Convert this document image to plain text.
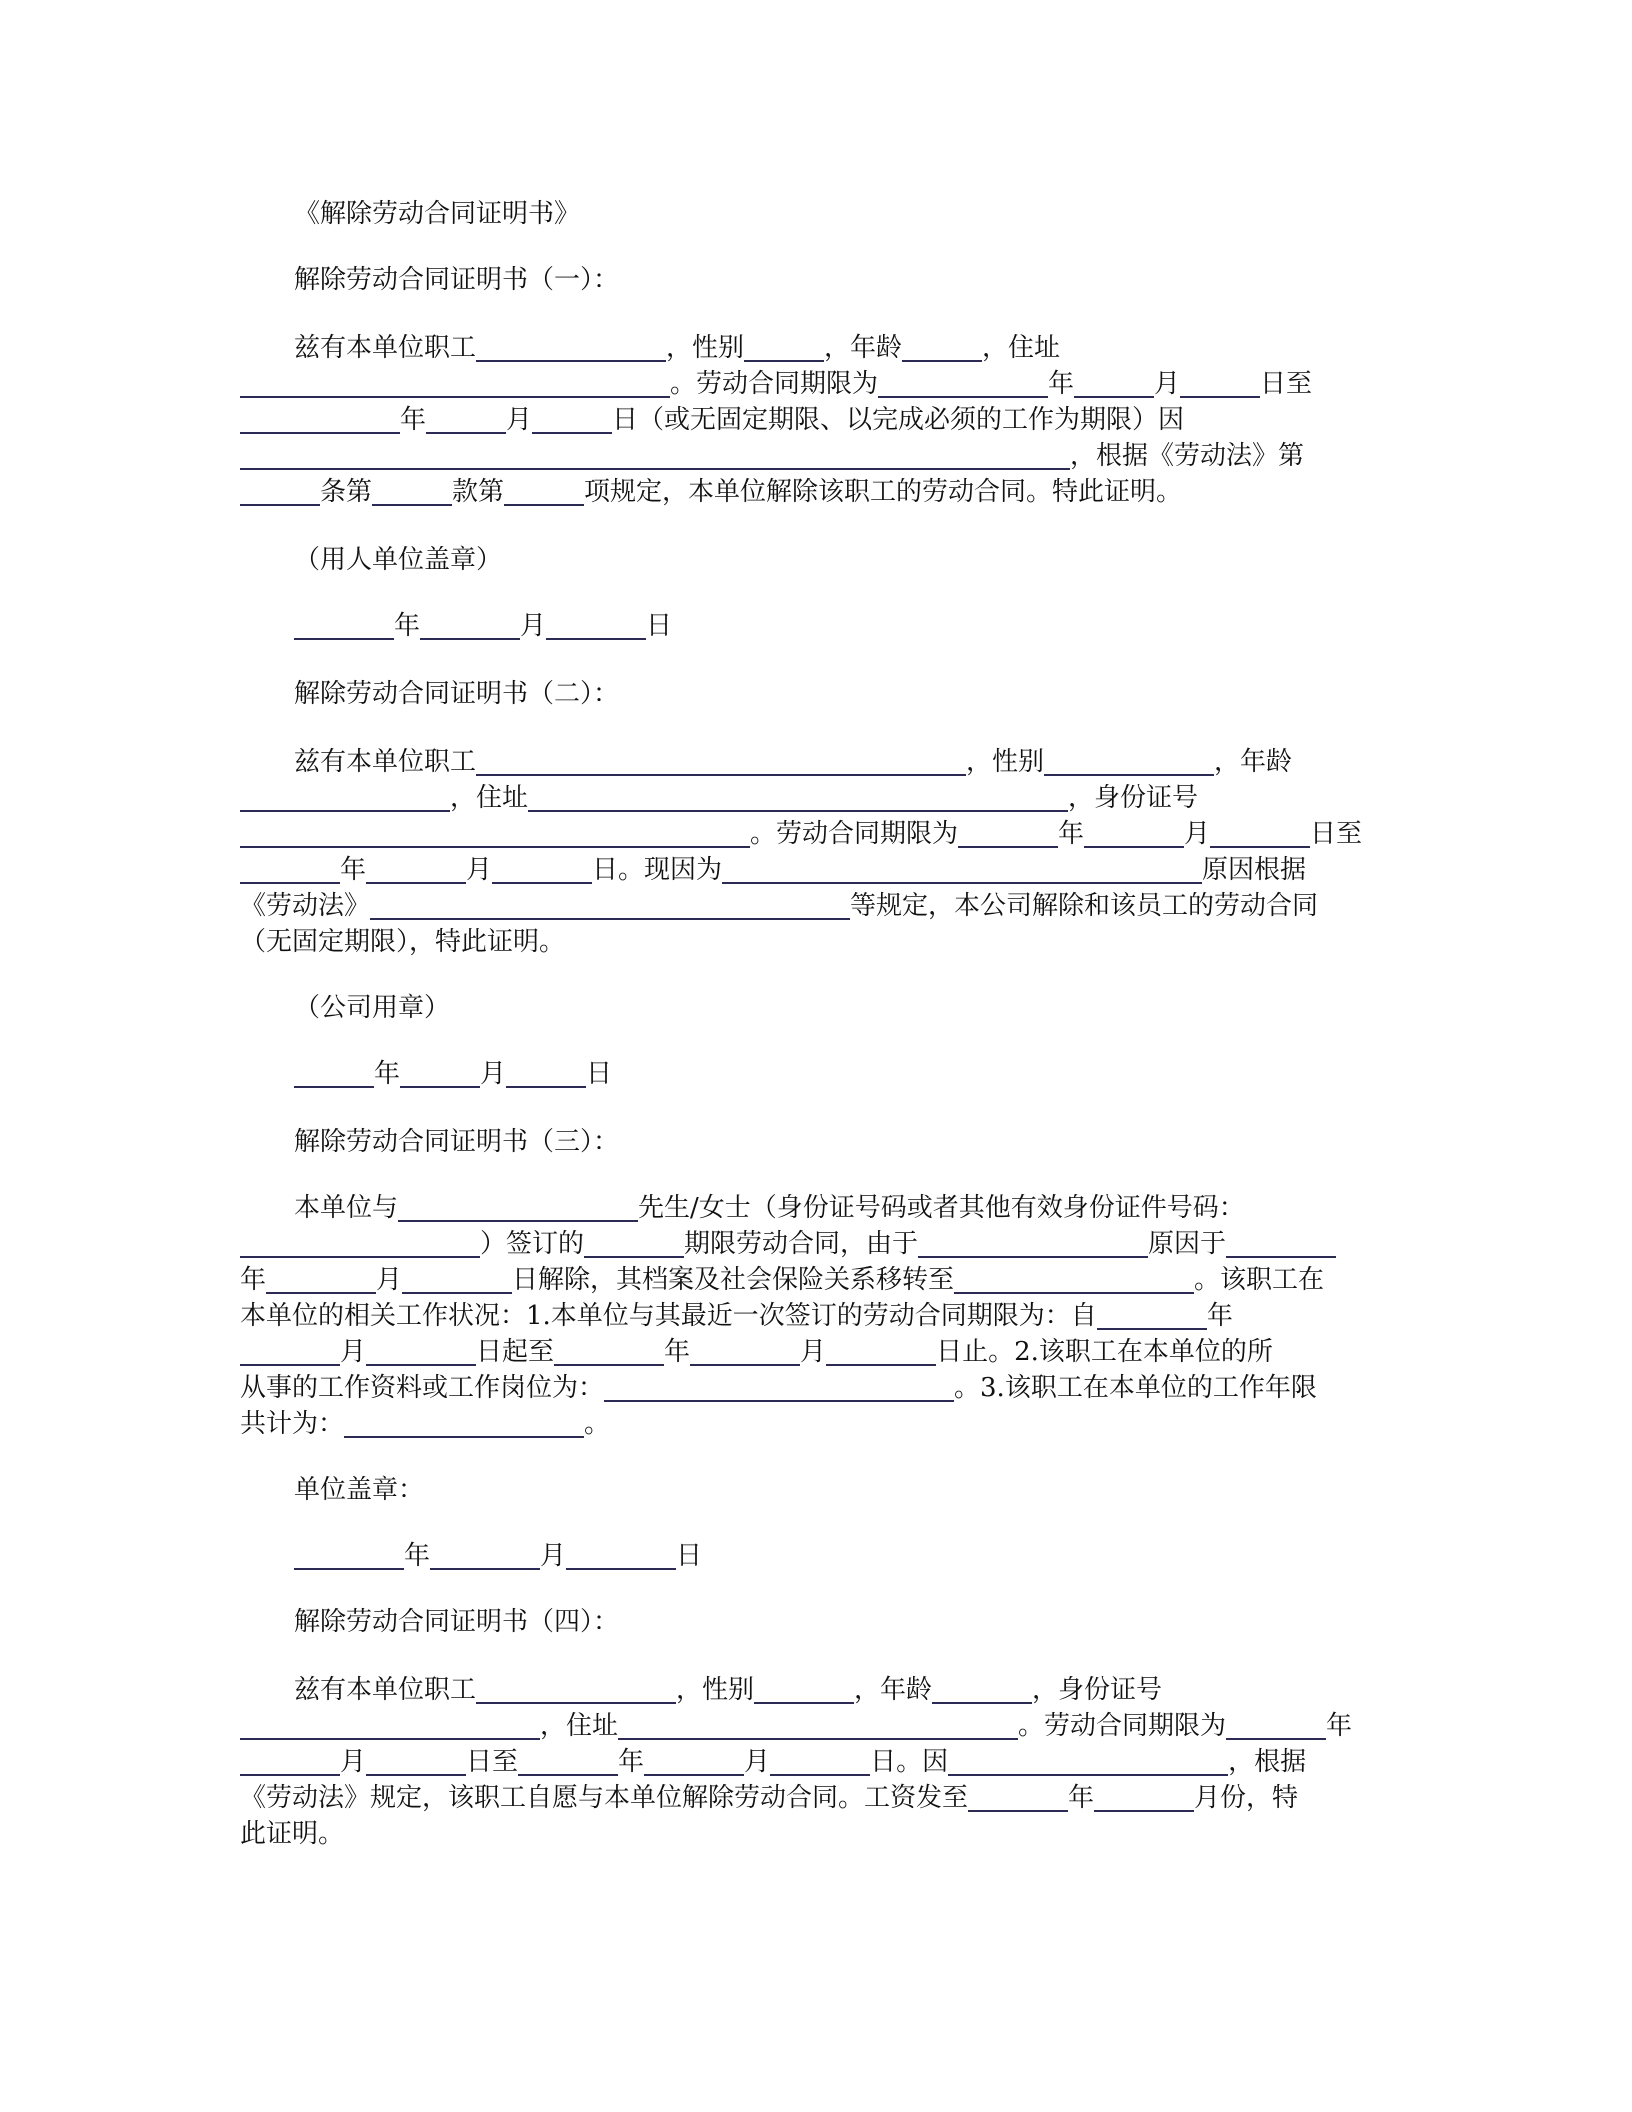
《解除劳动合同证明书》
解除劳动合同证明书（一）：
兹有本单位职工	，性别	，年龄	，住址
。劳动合同期限为	年	月	日至
年	月	日（或无固定期限、以完成必须的工作为期限）因
，根据《劳动法》第
条第	款第	项规定，本单位解除该职工的劳动合同。特此证明。
（用人单位盖章）
年	月	日
解除劳动合同证明书（二）：
兹有本单位职工	，性别	，年龄
，住址	，身份证号
。劳动合同期限为	年	月	日至
年	月	日。现因为	原因根据
《劳动法》	等规定，本公司解除和该员工的劳动合同
（无固定期限），特此证明。
（公司用章）
年	月	日
解除劳动合同证明书（三）：
本单位与	先生/女士（身份证号码或者其他有效身份证件号码：
）签订的	期限劳动合同，由于	原因于
年	月	日解除，其档案及社会保险关系移转至	。该职工在
本单位的相关工作状况：1.本单位与其最近一次签订的劳动合同期限为：自	年
月	日起至	年	月	日止。2.该职工在本单位的所
从事的工作资料或工作岗位为：	。3.该职工在本单位的工作年限
共计为：	。
单位盖章：
年	月	日
解除劳动合同证明书（四）：
兹有本单位职工	，性别	，年龄	，身份证号
，住址	。劳动合同期限为	年
月	日至	年	月	日。因	，根据
《劳动法》规定，该职工自愿与本单位解除劳动合同。工资发至	年	月份，特
此证明。
